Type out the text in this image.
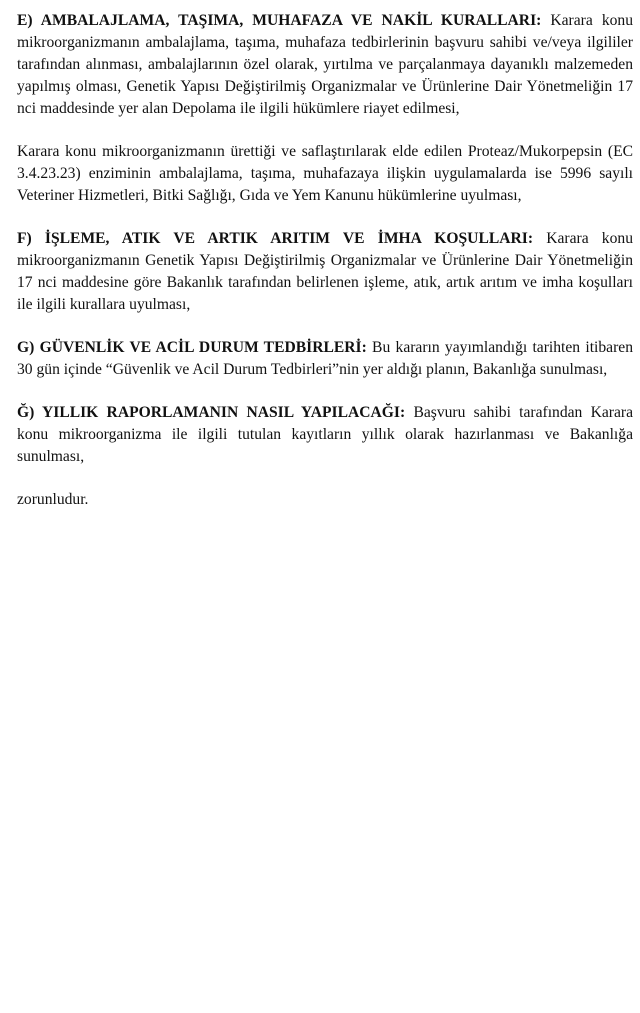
E) AMBALAJLAMA, TAŞIMA, MUHAFAZA VE NAKİL KURALLARI: Karara konu mikroorganizmanın ambalajlama, taşıma, muhafaza tedbirlerinin başvuru sahibi ve/veya ilgililer tarafından alınması, ambalajlarının özel olarak, yırtılma ve parçalanmaya dayanıklı malzemeden yapılmış olması, Genetik Yapısı Değiştirilmiş Organizmalar ve Ürünlerine Dair Yönetmeliğin 17 nci maddesinde yer alan Depolama ile ilgili hükümlere riayet edilmesi,

Karara konu mikroorganizmanın ürettiği ve saflaştırılarak elde edilen Proteaz/Mukorpepsin (EC 3.4.23.23) enziminin ambalajlama, taşıma, muhafazaya ilişkin uygulamalarda ise 5996 sayılı Veteriner Hizmetleri, Bitki Sağlığı, Gıda ve Yem Kanunu hükümlerine uyulması,

F) İŞLEME, ATIK VE ARTIK ARITIM VE İMHA KOŞULLARI: Karara konu mikroorganizmanın Genetik Yapısı Değiştirilmiş Organizmalar ve Ürünlerine Dair Yönetmeliğin 17 nci maddesine göre Bakanlık tarafından belirlenen işleme, atık, artık arıtım ve imha koşulları ile ilgili kurallara uyulması,

G) GÜVENLİK VE ACİL DURUM TEDBİRLERİ: Bu kararın yayımlandığı tarihten itibaren 30 gün içinde “Güvenlik ve Acil Durum Tedbirleri”nin yer aldığı planın, Bakanlığa sunulması,

Ğ) YILLIK RAPORLAMANIN NASIL YAPILACAĞI: Başvuru sahibi tarafından Karara konu mikroorganizma ile ilgili tutulan kayıtların yıllık olarak hazırlanması ve Bakanlığa sunulması,

zorunludur.
